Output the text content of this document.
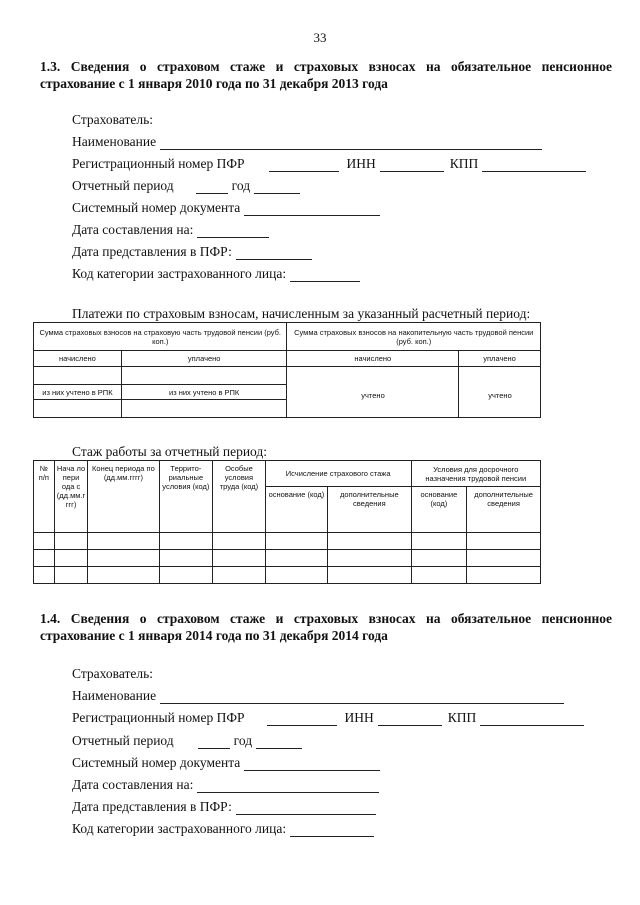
33
1.3. Сведения о страховом стаже и страховых взносах на обязательное пенсионное
страхование с 1 января 2010 года по 31 декабря 2013 года
Страхователь:
Наименование
Регистрационный номер ПФР	ИНН	КПП
Отчетный период	год
Системный номер документа
Дата составления на:
Дата представления в ПФР:
Код категории застрахованного лица:
Платежи по страховым взносам, начисленным за указанный расчетный период:
Сумма страховых взносов на страховую часть трудовой пенсии (руб. коп.)		Сумма страховых взносов на накопительную часть трудовой пенсии (руб. коп.)	
начислено	уплачено	начислено	уплачено

из них учтено в РПК	из них учтено в РПК		
		учтено	учтено
Стаж работы за отчетный период:
№ п/п	Нача ло пери ода с (дд.мм.г ггг)	Конец периода по (дд.мм.гггг)	Террито- риальные условия (код)	Особые условия труда (код)	Исчисление страхового стажа		Условия для досрочного назначения трудовой пенсии	
					основание (код)	дополнительные сведения	основание (код)	дополнительные сведения

1.4. Сведения о страховом стаже и страховых взносах на обязательное пенсионное
страхование с 1 января 2014 года по 31 декабря 2014 года
Страхователь:
Наименование
Регистрационный номер ПФР	ИНН	КПП
Отчетный период	год
Системный номер документа
Дата составления на:
Дата представления в ПФР:
Код категории застрахованного лица:
